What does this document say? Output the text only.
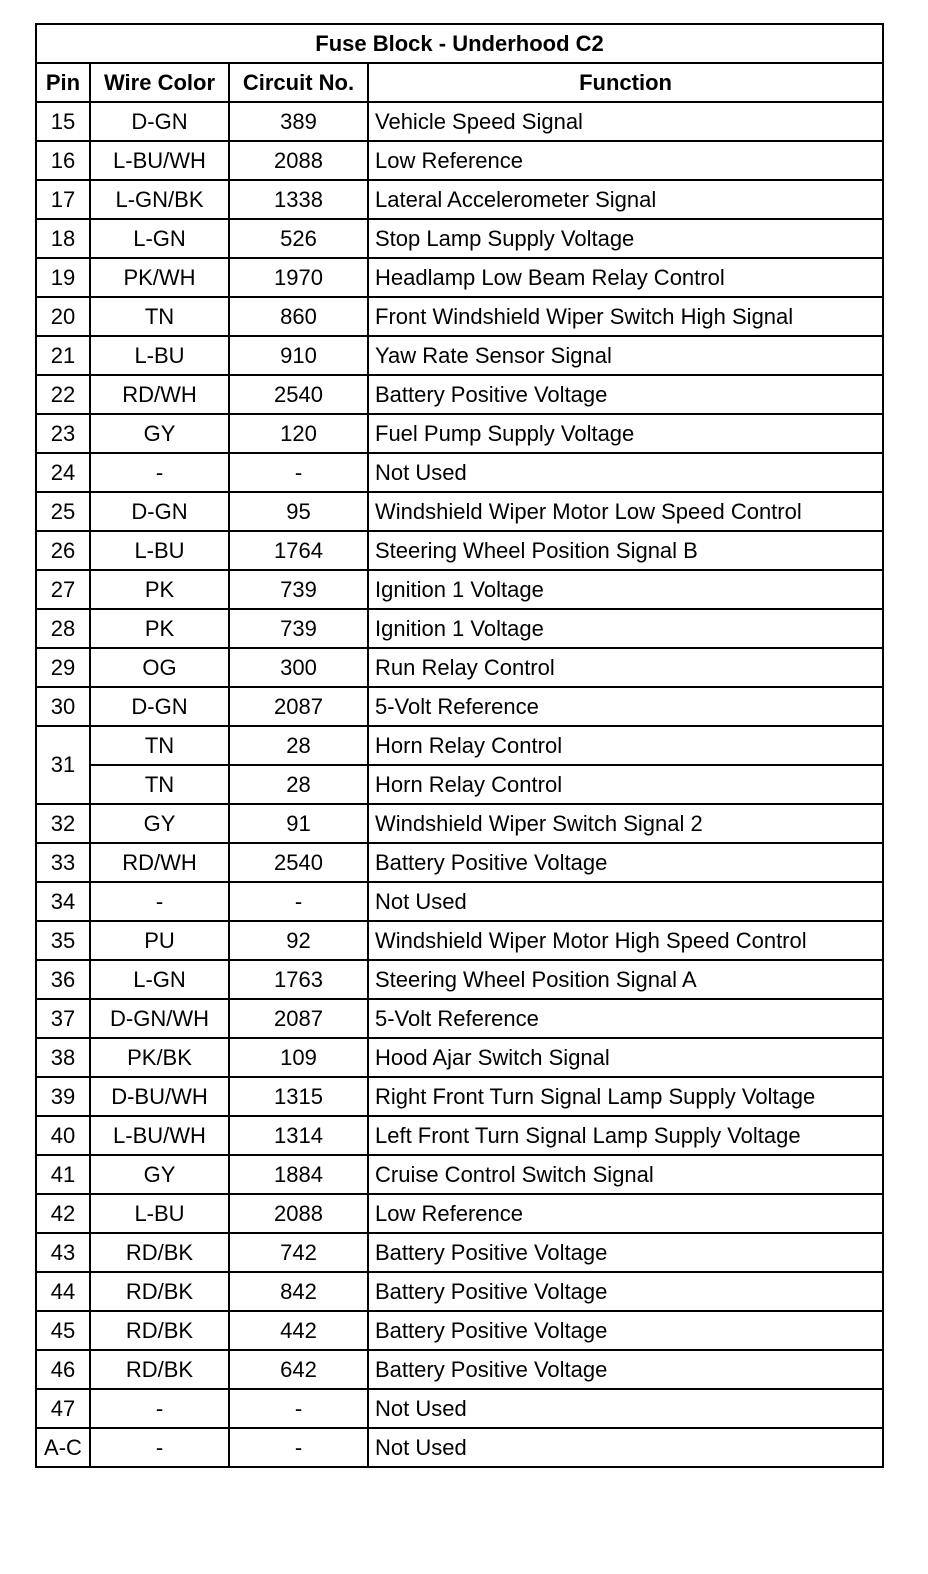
Fuse Block - Underhood C2			
Pin	Wire Color	Circuit No.	Function
15	D-GN	389	Vehicle Speed Signal
16	L-BU/WH	2088	Low Reference
17	L-GN/BK	1338	Lateral Accelerometer Signal
18	L-GN	526	Stop Lamp Supply Voltage
19	PK/WH	1970	Headlamp Low Beam Relay Control
20	TN	860	Front Windshield Wiper Switch High Signal
21	L-BU	910	Yaw Rate Sensor Signal
22	RD/WH	2540	Battery Positive Voltage
23	GY	120	Fuel Pump Supply Voltage
24	-	-	Not Used
25	D-GN	95	Windshield Wiper Motor Low Speed Control
26	L-BU	1764	Steering Wheel Position Signal B
27	PK	739	Ignition 1 Voltage
28	PK	739	Ignition 1 Voltage
29	OG	300	Run Relay Control
30	D-GN	2087	5-Volt Reference
31	TN	28	Horn Relay Control
	TN	28	Horn Relay Control
32	GY	91	Windshield Wiper Switch Signal 2
33	RD/WH	2540	Battery Positive Voltage
34	-	-	Not Used
35	PU	92	Windshield Wiper Motor High Speed Control
36	L-GN	1763	Steering Wheel Position Signal A
37	D-GN/WH	2087	5-Volt Reference
38	PK/BK	109	Hood Ajar Switch Signal
39	D-BU/WH	1315	Right Front Turn Signal Lamp Supply Voltage
40	L-BU/WH	1314	Left Front Turn Signal Lamp Supply Voltage
41	GY	1884	Cruise Control Switch Signal
42	L-BU	2088	Low Reference
43	RD/BK	742	Battery Positive Voltage
44	RD/BK	842	Battery Positive Voltage
45	RD/BK	442	Battery Positive Voltage
46	RD/BK	642	Battery Positive Voltage
47	-	-	Not Used
A-C	-	-	Not Used
